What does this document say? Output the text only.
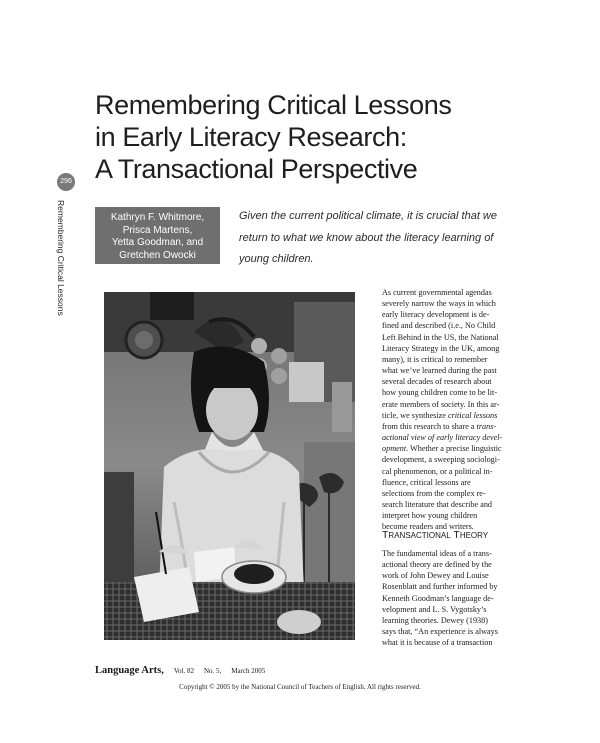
Remembering Critical Lessons
in Early Literacy Research:
A Transactional Perspective
296
Remembering Critical Lessons	Kathryn F. Whitmore,
Prisca Martens,
Yetta Goodman, and
Gretchen Owocki
Given the current political climate, it is crucial that we
return to what we know about the literacy learning of
young children.
As current governmental agendas
severely narrow the ways in which
early literacy development is de-
fined and described (i.e., No Child
Left Behind in the US, the National
Literacy Strategy in the UK, among
many), it is critical to remember
what we’ve learned during the past
several decades of research about
how young children come to be lit-
erate members of society. In this ar-
ticle, we synthesize critical lessons
from this research to share a trans-
actional view of early literacy devel-
opment. Whether a precise linguistic
development, a sweeping sociologi-
cal phenomenon, or a political in-
fluence, critical lessons are
selections from the complex re-
search literature that describe and
interpret how young children
become readers and writers.
TRANSACTIONAL THEORY
The fundamental ideas of a trans-
actional theory are defined by the
work of John Dewey and Louise
Rosenblatt and further informed by
Kenneth Goodman’s language de-
velopment and L. S. Vygotsky’s
learning theories. Dewey (1938)
says that, “An experience is always
what it is because of a transaction
Language Arts, Vol. 82 No. 5, March 2005
Copyright © 2005 by the National Council of Teachers of English. All rights reserved.
